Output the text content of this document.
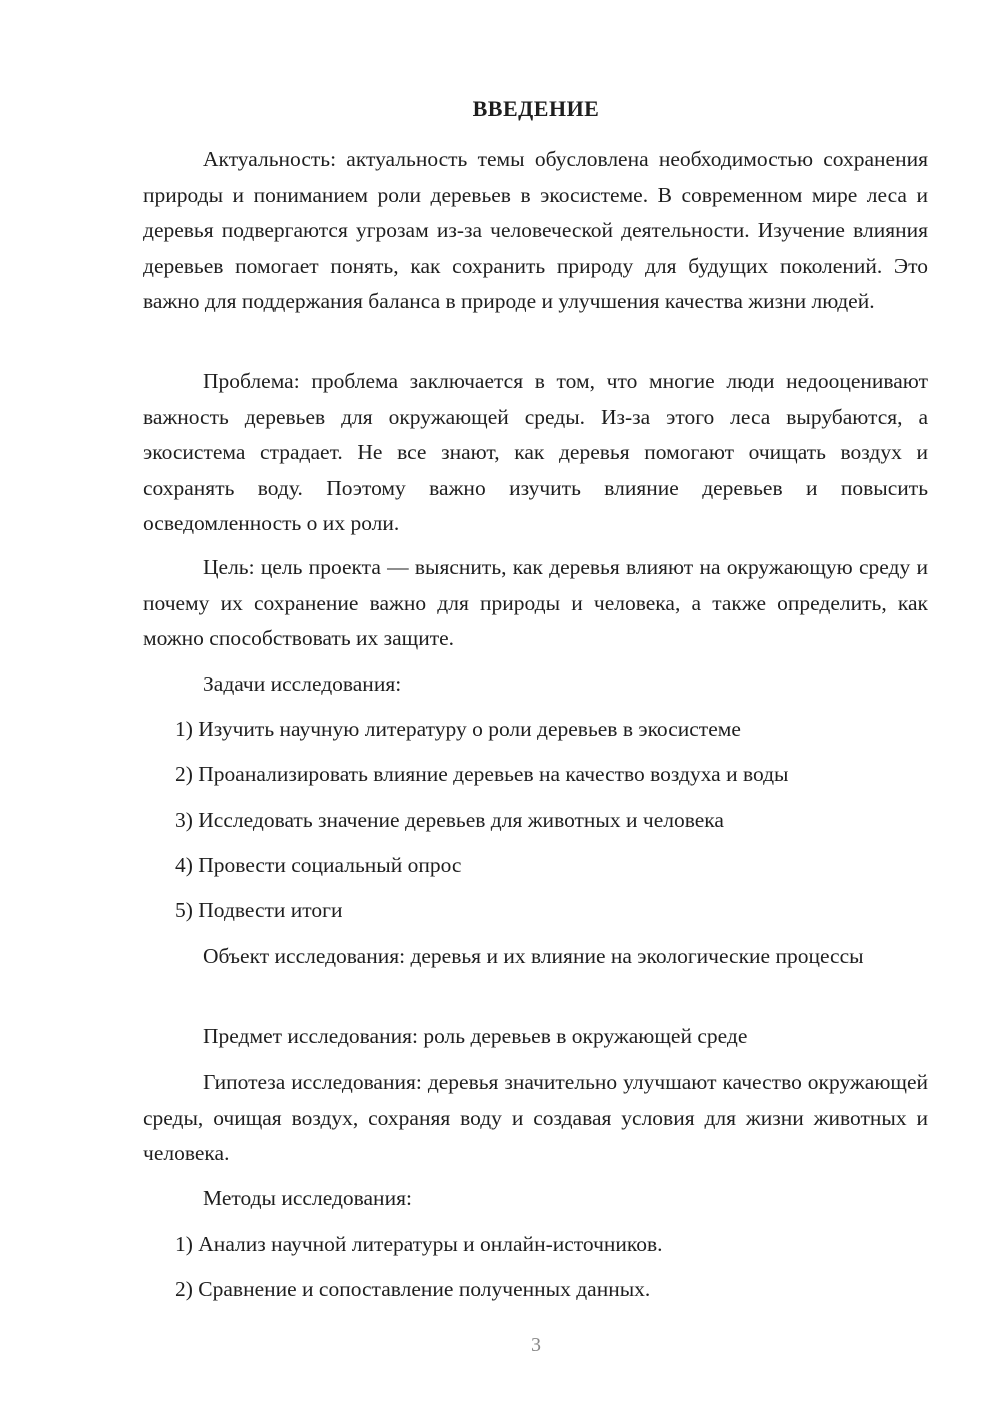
ВВЕДЕНИЕ

Актуальность: актуальность темы обусловлена необходимостью сохранения природы и пониманием роли деревьев в экосистеме. В современном мире леса и деревья подвергаются угрозам из-за человеческой деятельности. Изучение влияния деревьев помогает понять, как сохранить природу для будущих поколений. Это важно для поддержания баланса в природе и улучшения качества жизни людей.

Проблема: проблема заключается в том, что многие люди недооценивают важность деревьев для окружающей среды. Из-за этого леса вырубаются, а экосистема страдает. Не все знают, как деревья помогают очищать воздух и сохранять воду. Поэтому важно изучить влияние деревьев и повысить осведомленность о их роли.

Цель: цель проекта — выяснить, как деревья влияют на окружающую среду и почему их сохранение важно для природы и человека, а также определить, как можно способствовать их защите.

Задачи исследования:

1) Изучить научную литературу о роли деревьев в экосистеме

2) Проанализировать влияние деревьев на качество воздуха и воды

3) Исследовать значение деревьев для животных и человека

4) Провести социальный опрос

5) Подвести итоги

Объект исследования: деревья и их влияние на экологические процессы

Предмет исследования: роль деревьев в окружающей среде

Гипотеза исследования: деревья значительно улучшают качество окружающей среды, очищая воздух, сохраняя воду и создавая условия для жизни животных и человека.

Методы исследования:

1) Анализ научной литературы и онлайн-источников.

2) Сравнение и сопоставление полученных данных.

3
